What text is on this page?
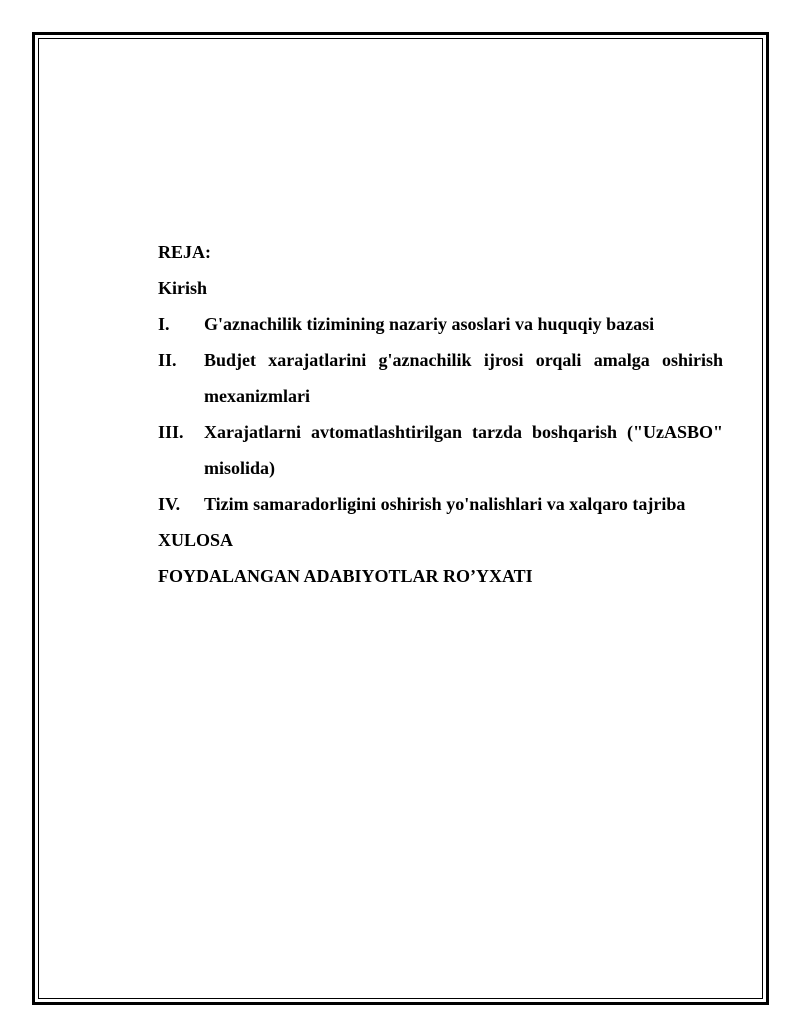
REJA:
Kirish
I.	G'aznachilik tizimining nazariy asoslari va huquqiy bazasi
II.	Budjet xarajatlarini g'aznachilik ijrosi orqali amalga oshirish mexanizmlari
III.	Xarajatlarni avtomatlashtirilgan tarzda boshqarish ("UzASBO" misolida)
IV.	Tizim samaradorligini oshirish yo'nalishlari va xalqaro tajriba
XULOSA
FOYDALANGAN ADABIYOTLAR RO’YXATI
